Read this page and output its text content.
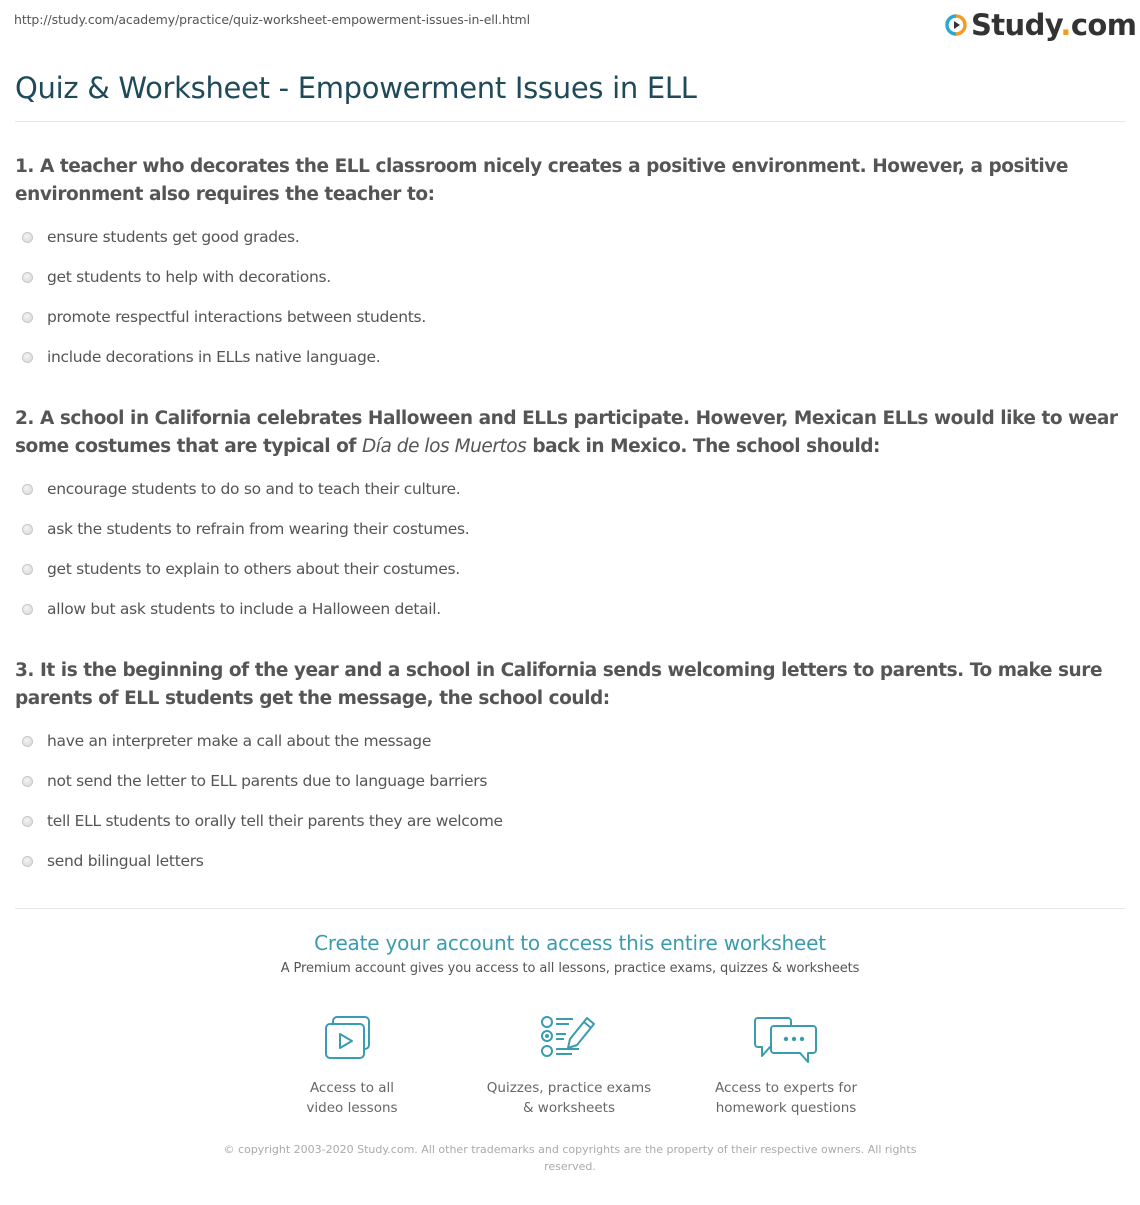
http://study.com/academy/practice/quiz-worksheet-empowerment-issues-in-ell.html	Study.com
Quiz & Worksheet - Empowerment Issues in ELL
1. A teacher who decorates the ELL classroom nicely creates a positive environment. However, a positive environment also requires the teacher to:
ensure students get good grades.
get students to help with decorations.
promote respectful interactions between students.
include decorations in ELLs native language.
2. A school in California celebrates Halloween and ELLs participate. However, Mexican ELLs would like to wear some costumes that are typical of Día de los Muertos back in Mexico. The school should:
encourage students to do so and to teach their culture.
ask the students to refrain from wearing their costumes.
get students to explain to others about their costumes.
allow but ask students to include a Halloween detail.
3. It is the beginning of the year and a school in California sends welcoming letters to parents. To make sure parents of ELL students get the message, the school could:
have an interpreter make a call about the message
not send the letter to ELL parents due to language barriers
tell ELL students to orally tell their parents they are welcome
send bilingual letters
Create your account to access this entire worksheet
A Premium account gives you access to all lessons, practice exams, quizzes & worksheets
Access to all
video lessons
Quizzes, practice exams
& worksheets
Access to experts for
homework questions
© copyright 2003-2020 Study.com. All other trademarks and copyrights are the property of their respective owners. All rights reserved.
